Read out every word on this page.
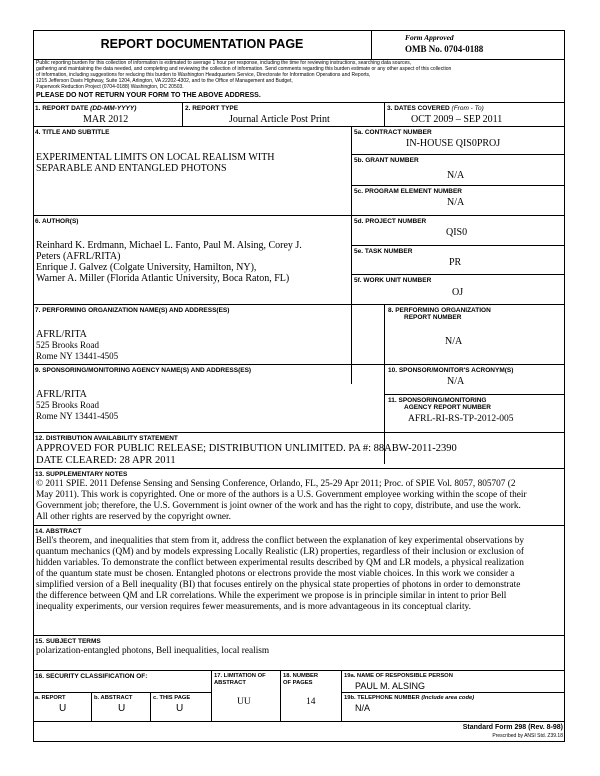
REPORT DOCUMENTATION PAGE	Form Approved
OMB No. 0704-0188
Public reporting burden for this collection of information is estimated to average 1 hour per response, including the time for reviewing instructions, searching data sources,
gathering and maintaining the data needed, and completing and reviewing the collection of information. Send comments regarding this burden estimate or any other aspect of this collection
of information, including suggestions for reducing this burden to Washington Headquarters Service, Directorate for Information Operations and Reports,
1215 Jefferson Davis Highway, Suite 1204, Arlington, VA 22202-4302, and to the Office of Management and Budget,
Paperwork Reduction Project (0704-0188) Washington, DC 20503.
PLEASE DO NOT RETURN YOUR FORM TO THE ABOVE ADDRESS.
1. REPORT DATE (DD-MM-YYYY)
MAR 2012
2. REPORT TYPE
Journal Article Post Print
3. DATES COVERED (From - To)
OCT 2009 – SEP 2011
4. TITLE AND SUBTITLE
EXPERIMENTAL LIMITS ON LOCAL REALISM WITH
SEPARABLE AND ENTANGLED PHOTONS
5a. CONTRACT NUMBER
IN-HOUSE QIS0PROJ
5b. GRANT NUMBER
N/A
5c. PROGRAM ELEMENT NUMBER
N/A
6. AUTHOR(S)
Reinhard K. Erdmann, Michael L. Fanto, Paul M. Alsing, Corey J.
Peters (AFRL/RITA)
Enrique J. Galvez (Colgate University, Hamilton, NY),
Warner A. Miller (Florida Atlantic University, Boca Raton, FL)
5d. PROJECT NUMBER
QIS0
5e. TASK NUMBER
PR
5f. WORK UNIT NUMBER
OJ
7. PERFORMING ORGANIZATION NAME(S) AND ADDRESS(ES)
AFRL/RITA
525 Brooks Road
Rome NY 13441-4505
8. PERFORMING ORGANIZATION
REPORT NUMBER
N/A
9. SPONSORING/MONITORING AGENCY NAME(S) AND ADDRESS(ES)
AFRL/RITA
525 Brooks Road
Rome NY 13441-4505
10. SPONSOR/MONITOR'S ACRONYM(S)
N/A
11. SPONSORING/MONITORING
AGENCY REPORT NUMBER
AFRL-RI-RS-TP-2012-005
12. DISTRIBUTION AVAILABILITY STATEMENT
APPROVED FOR PUBLIC RELEASE; DISTRIBUTION UNLIMITED. PA #: 88ABW-2011-2390
DATE CLEARED: 28 APR 2011
13. SUPPLEMENTARY NOTES
© 2011 SPIE. 2011 Defense Sensing and Sensing Conference, Orlando, FL, 25-29 Apr 2011; Proc. of SPIE Vol. 8057, 805707 (2
May 2011). This work is copyrighted. One or more of the authors is a U.S. Government employee working within the scope of their
Government job; therefore, the U.S. Government is joint owner of the work and has the right to copy, distribute, and use the work.
All other rights are reserved by the copyright owner.
14. ABSTRACT
Bell's theorem, and inequalities that stem from it, address the conflict between the explanation of key experimental observations by
quantum mechanics (QM) and by models expressing Locally Realistic (LR) properties, regardless of their inclusion or exclusion of
hidden variables. To demonstrate the conflict between experimental results described by QM and LR models, a physical realization
of the quantum state must be chosen. Entangled photons or electrons provide the most viable choices. In this work we consider a
simplified version of a Bell inequality (BI) that focuses entirely on the physical state properties of photons in order to demonstrate
the difference between QM and LR correlations. While the experiment we propose is in principle similar in intent to prior Bell
inequality experiments, our version requires fewer measurements, and is more advantageous in its conceptual clarity.
15. SUBJECT TERMS
polarization-entangled photons, Bell inequalities, local realism
16. SECURITY CLASSIFICATION OF:	17. LIMITATION OF
ABSTRACT
18. NUMBER
OF PAGES
19a. NAME OF RESPONSIBLE PERSON
PAUL M. ALSING
a. REPORT
U
b. ABSTRACT
U
c. THIS PAGE
U
UU	14	19b. TELEPHONE NUMBER (Include area code)
N/A
Standard Form 298 (Rev. 8-98)
Prescribed by ANSI Std. Z39.18
